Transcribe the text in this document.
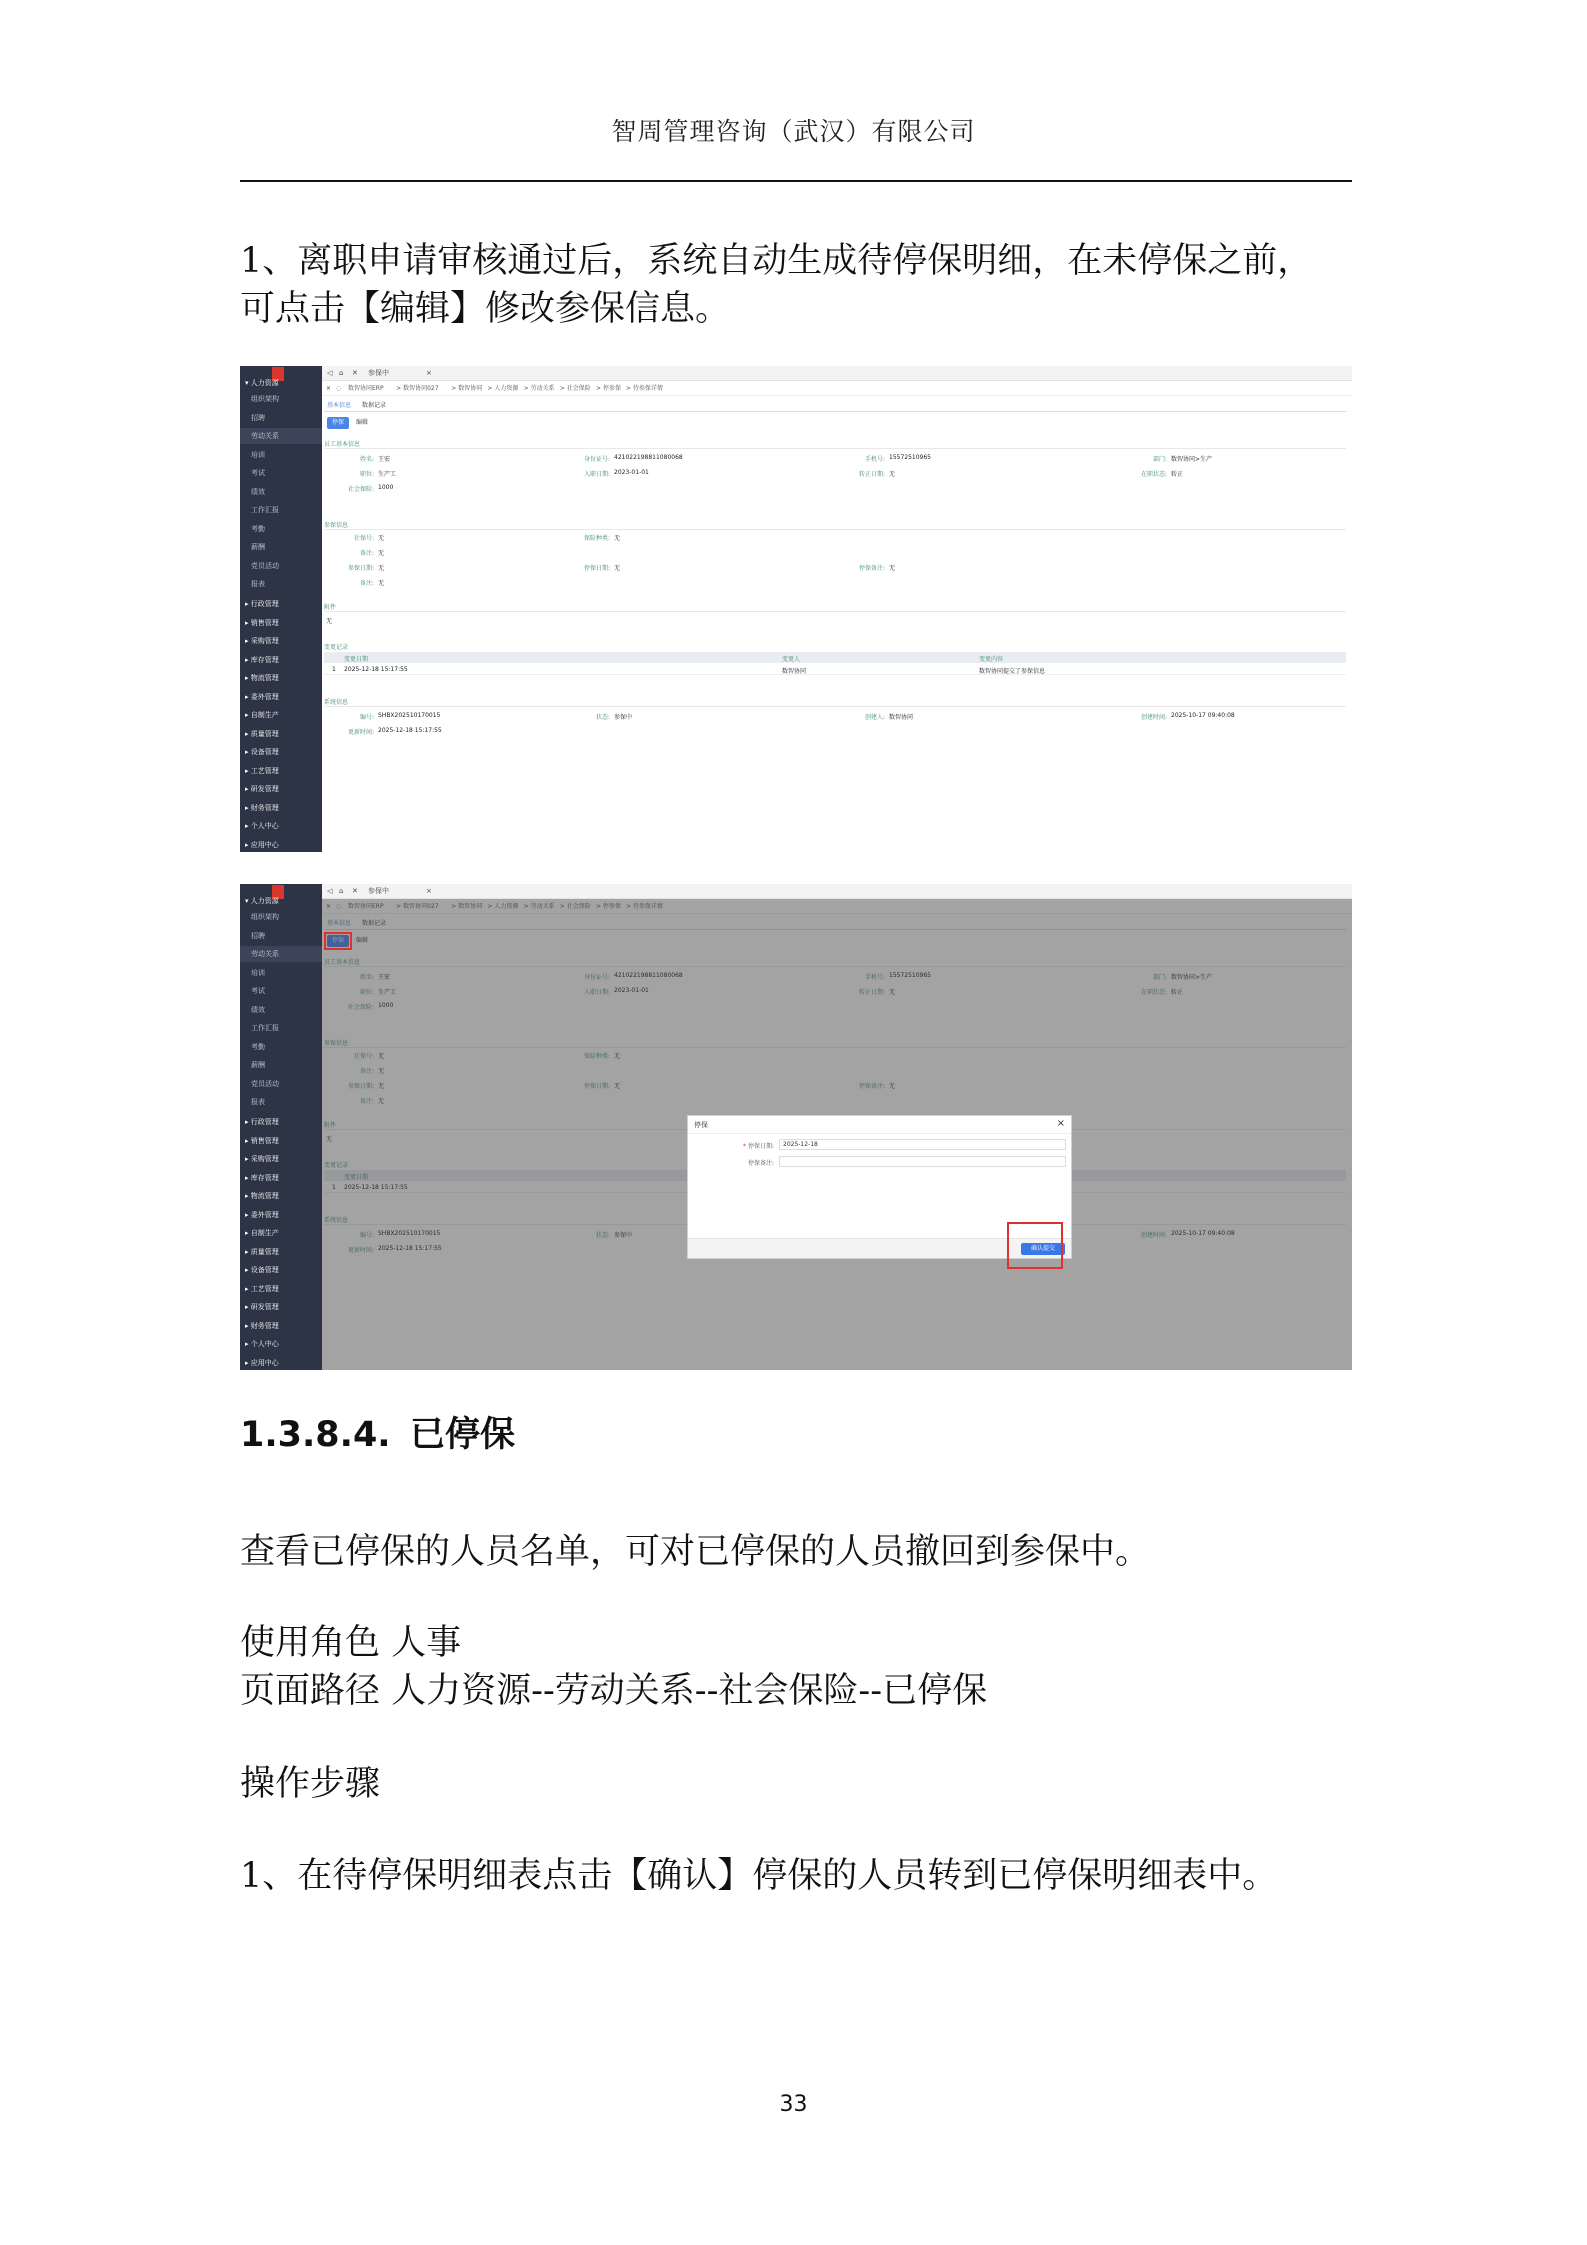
智周管理咨询（武汉）有限公司
1、离职申请审核通过后，系统自动生成待停保明细，在未停保之前，
可点击【编辑】修改参保信息。
▾ 人力资源
组织架构
招聘
劳动关系
培训
考试
绩效
工作汇报
考勤
薪酬
党员活动
报表
▸ 行政管理
▸ 销售管理
▸ 采购管理
▸ 库存管理
▸ 物流管理
▸ 委外管理
▸ 自制生产
▸ 质量管理
▸ 设备管理
▸ 工艺管理
▸ 研发管理
▸ 财务管理
▸ 个人中心
▸ 应用中心
◁ ⌂ ✕ 参保中	×
✕ ◌ 数智协同ERP > 数智协同027 > 数智协同 > 人力资源 > 劳动关系 > 社会保险 > 停参保 > 待参保详情
基本信息 数据记录
停保	编辑
员工基本信息
姓名: 王宏	身份证号: 421022198811080068	手机号: 15572510965	部门: 数智协同>生产
职位: 生产工	入职日期: 2023-01-01	转正日期: 无	在职状态: 转正
社会保险: 1000
参保信息
社保号: 无	保险种类: 无
备注: 无
参保日期: 无	停保日期: 无	停保备注: 无
备注: 无
附件
无
变更记录
变更日期	变更人	变更内容
1 2025-12-18 15:17:55	数智协同	数智协同提交了参保信息
系统信息
编号: SHBX202510170015	状态: 参保中	创建人: 数智协同	创建时间: 2025-10-17 09:40:08
更新时间: 2025-12-18 15:17:55
▾ 人力资源
组织架构
招聘
劳动关系
培训
考试
绩效
工作汇报
考勤
薪酬
党员活动
报表
▸ 行政管理
▸ 销售管理
▸ 采购管理
▸ 库存管理
▸ 物流管理
▸ 委外管理
▸ 自制生产
▸ 质量管理
▸ 设备管理
▸ 工艺管理
▸ 研发管理
▸ 财务管理
▸ 个人中心
▸ 应用中心
◁ ⌂ ✕ 参保中	×
✕ ◌ 数智协同ERP > 数智协同027 > 数智协同 > 人力资源 > 劳动关系 > 社会保险 > 停参保 > 待参保详情
基本信息 数据记录
停保	编辑
员工基本信息
姓名: 王宏	身份证号: 421022198811080068	手机号: 15572510965	部门: 数智协同>生产
职位: 生产工	入职日期: 2023-01-01	转正日期: 无	在职状态: 转正
社会保险: 1000
参保信息
社保号: 无	保险种类: 无
备注: 无
参保日期: 无	停保日期: 无	停保备注: 无
备注: 无
附件
无
变更记录
变更日期
1 2025-12-18 15:17:55
系统信息
编号: SHBX202510170015	状态: 参保中	创建时间: 2025-10-17 09:40:08
更新时间: 2025-12-18 15:17:55
停保	×
* 停保日期:	2025-12-18
停保备注:
确认提交
1.3.8.4. 已停保
查看已停保的人员名单，可对已停保的人员撤回到参保中。
使用角色 人事
页面路径 人力资源--劳动关系--社会保险--已停保
操作步骤
1、在待停保明细表点击【确认】停保的人员转到已停保明细表中。
33
